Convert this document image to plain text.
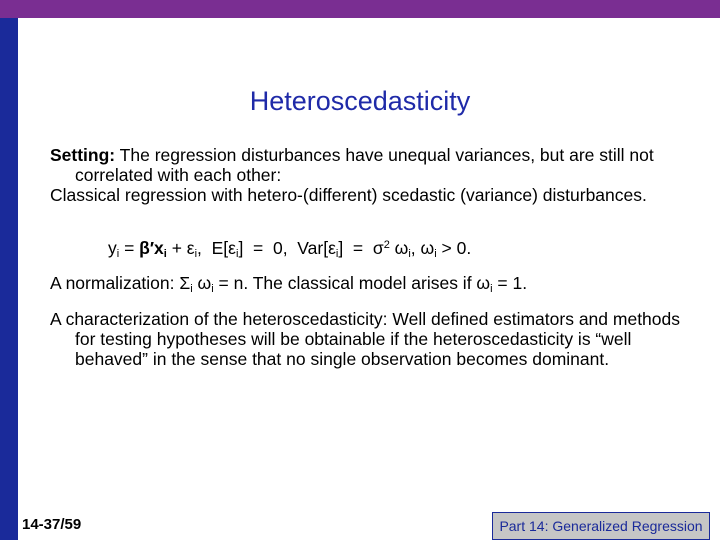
Heteroscedasticity

Setting: The regression disturbances have unequal variances, but are still not correlated with each other:

Classical regression with hetero-(different) scedastic (variance) disturbances.

$y_i = \beta'x_i + \varepsilon_i$,  $E[\varepsilon_i] = 0$,  $Var[\varepsilon_i] = \sigma^2$ $\omega_i$, $\omega_i > 0$.
A normalization: $\Sigma_i$ $\omega_i = n$. The classical model arises if $\omega_i = 1$.

A characterization of the heteroscedasticity: Well defined estimators and methods for testing hypotheses will be obtainable if the heteroscedasticity is “well behaved” in the sense that no single observation becomes dominant.

14-37/59	Part 14: Generalized Regression
